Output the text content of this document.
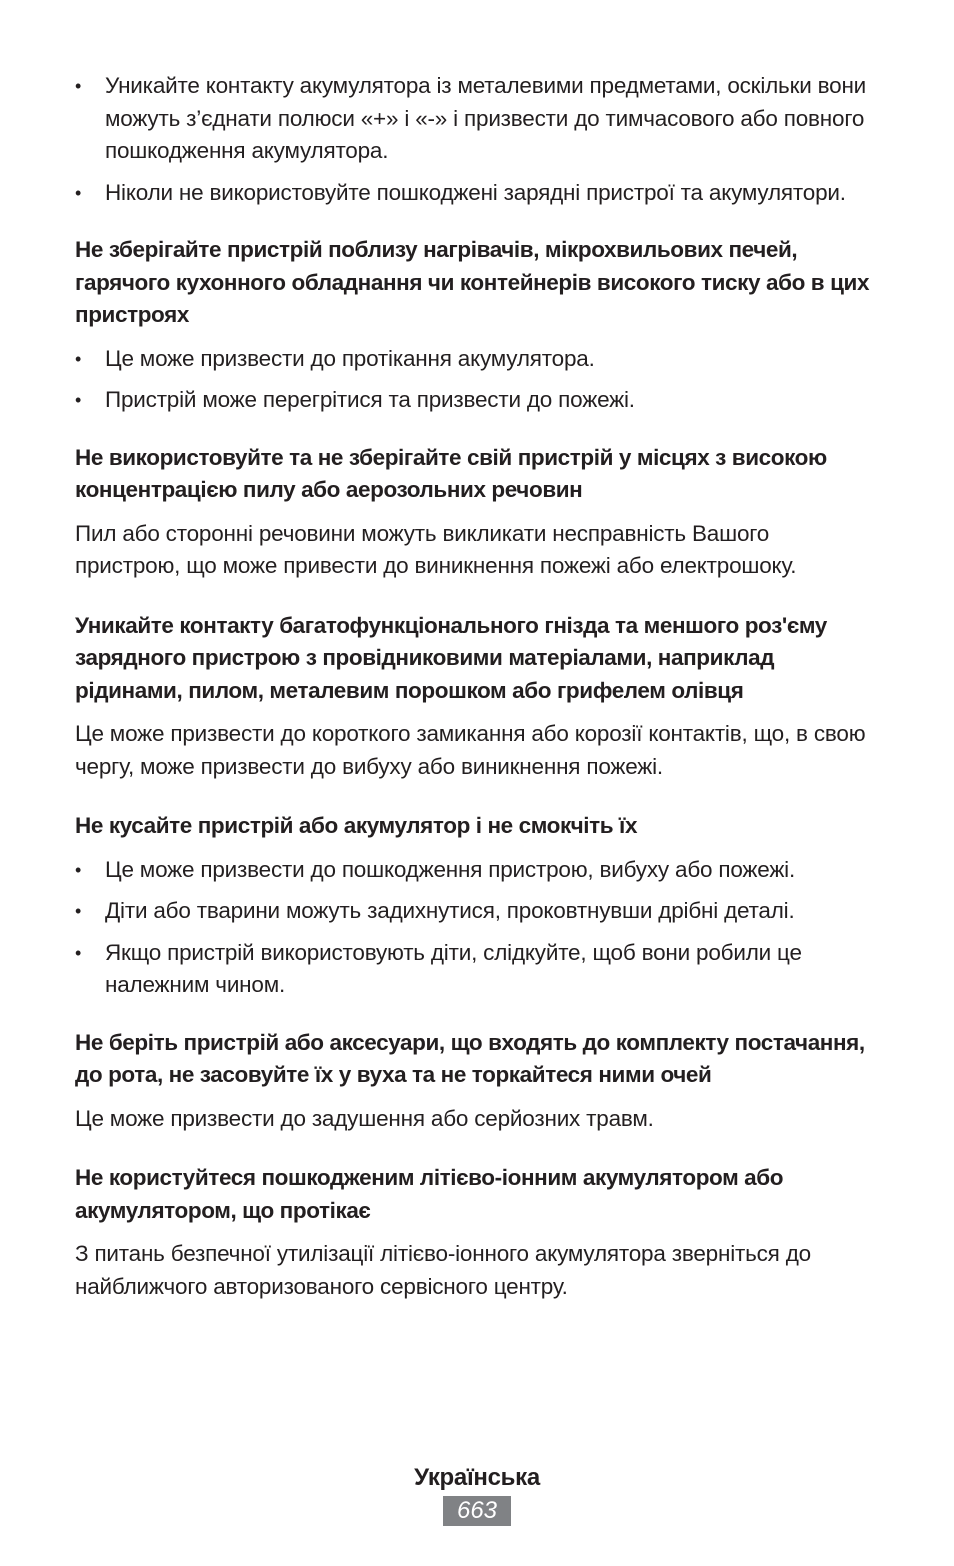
• Уникайте контакту акумулятора із металевими предметами, оскільки вони можуть з’єднати полюси «+» і «-» і призвести до тимчасового або повного пошкодження акумулятора.
• Ніколи не використовуйте пошкоджені зарядні пристрої та акумулятори.

Не зберігайте пристрій поблизу нагрівачів, мікрохвильових печей, гарячого кухонного обладнання чи контейнерів високого тиску або в цих пристроях

• Це може призвести до протікання акумулятора.
• Пристрій може перегрітися та призвести до пожежі.

Не використовуйте та не зберігайте свій пристрій у місцях з високою концентрацією пилу або аерозольних речовин

Пил або сторонні речовини можуть викликати несправність Вашого пристрою, що може привести до виникнення пожежі або електрошоку.

Уникайте контакту багатофункціонального гнізда та меншого роз'єму зарядного пристрою з провідниковими матеріалами, наприклад рідинами, пилом, металевим порошком або грифелем олівця

Це може призвести до короткого замикання або корозії контактів, що, в свою чергу, може призвести до вибуху або виникнення пожежі.

Не кусайте пристрій або акумулятор і не смокчіть їх

• Це може призвести до пошкодження пристрою, вибуху або пожежі.
• Діти або тварини можуть задихнутися, проковтнувши дрібні деталі.
• Якщо пристрій використовують діти, слідкуйте, щоб вони робили це належним чином.

Не беріть пристрій або аксесуари, що входять до комплекту постачання, до рота, не засовуйте їх у вуха та не торкайтеся ними очей

Це може призвести до задушення або серйозних травм.

Не користуйтеся пошкодженим літієво-іонним акумулятором або акумулятором, що протікає

З питань безпечної утилізації літієво-іонного акумулятора зверніться до найближчого авторизованого сервісного центру.

Українська
663
